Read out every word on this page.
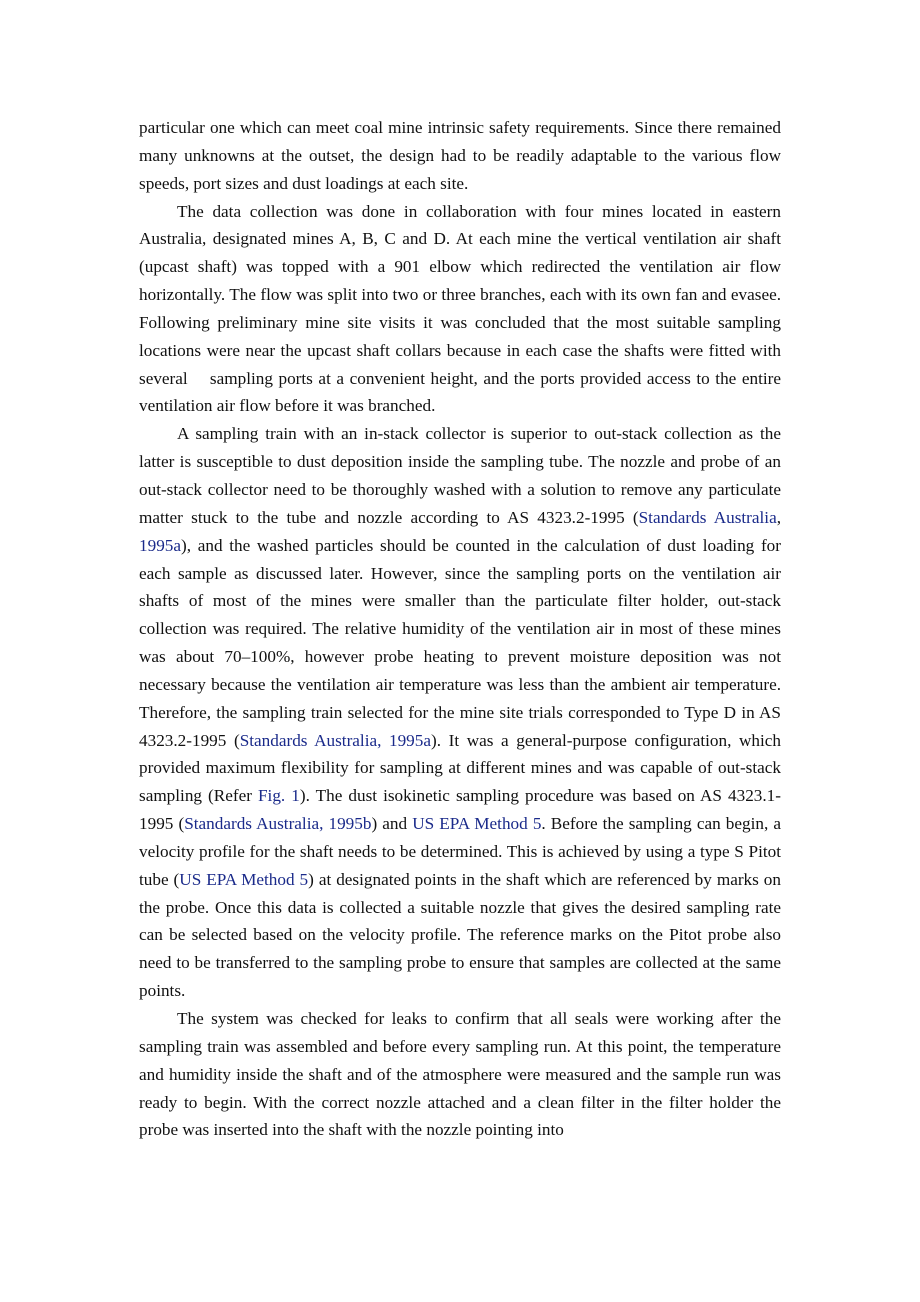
particular one which can meet coal mine intrinsic safety requirements. Since there remained many unknowns at the outset, the design had to be readily adaptable to the various flow speeds, port sizes and dust loadings at each site.

The data collection was done in collaboration with four mines located in eastern Australia, designated mines A, B, C and D. At each mine the vertical ventilation air shaft (upcast shaft) was topped with a 901 elbow which redirected the ventilation air flow horizontally. The flow was split into two or three branches, each with its own fan and evasee. Following preliminary mine site visits it was concluded that the most suitable sampling locations were near the upcast shaft collars because in each case the shafts were fitted with several    sampling ports at a convenient height, and the ports provided access to the entire ventilation air flow before it was branched.

A sampling train with an in-stack collector is superior to out-stack collection as the latter is susceptible to dust deposition inside the sampling tube. The nozzle and probe of an out-stack collector need to be thoroughly washed with a solution to remove any particulate matter stuck to the tube and nozzle according to AS 4323.2-1995 (Standards Australia, 1995a), and the washed particles should be counted in the calculation of dust loading for each sample as discussed later. However, since the sampling ports on the ventilation air shafts of most of the mines were smaller than the particulate filter holder, out-stack collection was required. The relative humidity of the ventilation air in most of these mines was about 70–100%, however probe heating to prevent moisture deposition was not necessary because the ventilation air temperature was less than the ambient air temperature. Therefore, the sampling train selected for the mine site trials corresponded to Type D in AS 4323.2-1995 (Standards Australia, 1995a). It was a general-purpose configuration, which provided maximum flexibility for sampling at different mines and was capable of out-stack sampling (Refer Fig. 1). The dust isokinetic sampling procedure was based on AS 4323.1-1995 (Standards Australia, 1995b) and US EPA Method 5. Before the sampling can begin, a velocity profile for the shaft needs to be determined. This is achieved by using a type S Pitot tube (US EPA Method 5) at designated points in the shaft which are referenced by marks on the probe. Once this data is collected a suitable nozzle that gives the desired sampling rate can be selected based on the velocity profile. The reference marks on the Pitot probe also need to be transferred to the sampling probe to ensure that samples are collected at the same points.

The system was checked for leaks to confirm that all seals were working after the sampling train was assembled and before every sampling run. At this point, the temperature and humidity inside the shaft and of the atmosphere were measured and the sample run was ready to begin. With the correct nozzle attached and a clean filter in the filter holder the probe was inserted into the shaft with the nozzle pointing into
